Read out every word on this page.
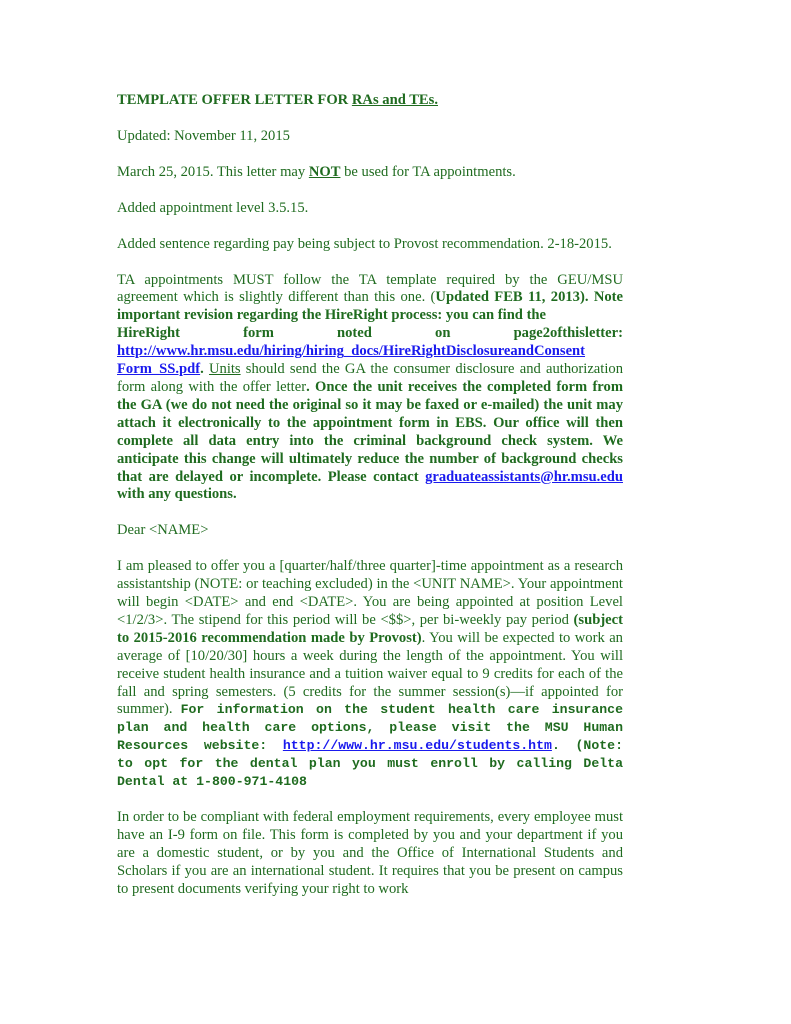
TEMPLATE OFFER LETTER FOR RAs and TEs.

Updated: November 11, 2015

March 25, 2015. This letter may NOT be used for TA appointments.

Added appointment level 3.5.15.

Added sentence regarding pay being subject to Provost recommendation. 2-18-2015.

TA appointments MUST follow the TA template required by the GEU/MSU agreement which is slightly different than this one. (Updated FEB 11, 2013). Note important revision regarding the HireRight process: you can find the
HireRight	form	noted	on	page2ofthisletter:
http://www.hr.msu.edu/hiring/hiring_docs/HireRightDisclosureandConsent Form_SS.pdf. Units should send the GA the consumer disclosure and authorization form along with the offer letter. Once the unit receives the completed form from the GA (we do not need the original so it may be faxed or e-mailed) the unit may attach it electronically to the appointment form in EBS. Our office will then complete all data entry into the criminal background check system. We anticipate this change will ultimately reduce the number of background checks that are delayed or incomplete. Please contact graduateassistants@hr.msu.edu with any questions.

Dear <NAME>

I am pleased to offer you a [quarter/half/three quarter]-time appointment as a research assistantship (NOTE: or teaching excluded) in the <UNIT NAME>. Your appointment will begin <DATE> and end <DATE>. You are being appointed at position Level <1/2/3>. The stipend for this period will be <$$>, per bi-weekly pay period (subject to 2015-2016 recommendation made by Provost). You will be expected to work an average of [10/20/30] hours a week during the length of the appointment. You will receive student health insurance and a tuition waiver equal to 9 credits for each of the fall and spring semesters. (5 credits for the summer session(s)—if appointed for summer). For information on the student health care insurance plan and health care options, please visit the MSU Human Resources website: http://www.hr.msu.edu/students.htm. (Note: to opt for the dental plan you must enroll by calling Delta Dental at 1-800-971-4108

In order to be compliant with federal employment requirements, every employee must have an I-9 form on file. This form is completed by you and your department if you are a domestic student, or by you and the Office of International Students and Scholars if you are an international student. It requires that you be present on campus to present documents verifying your right to work
